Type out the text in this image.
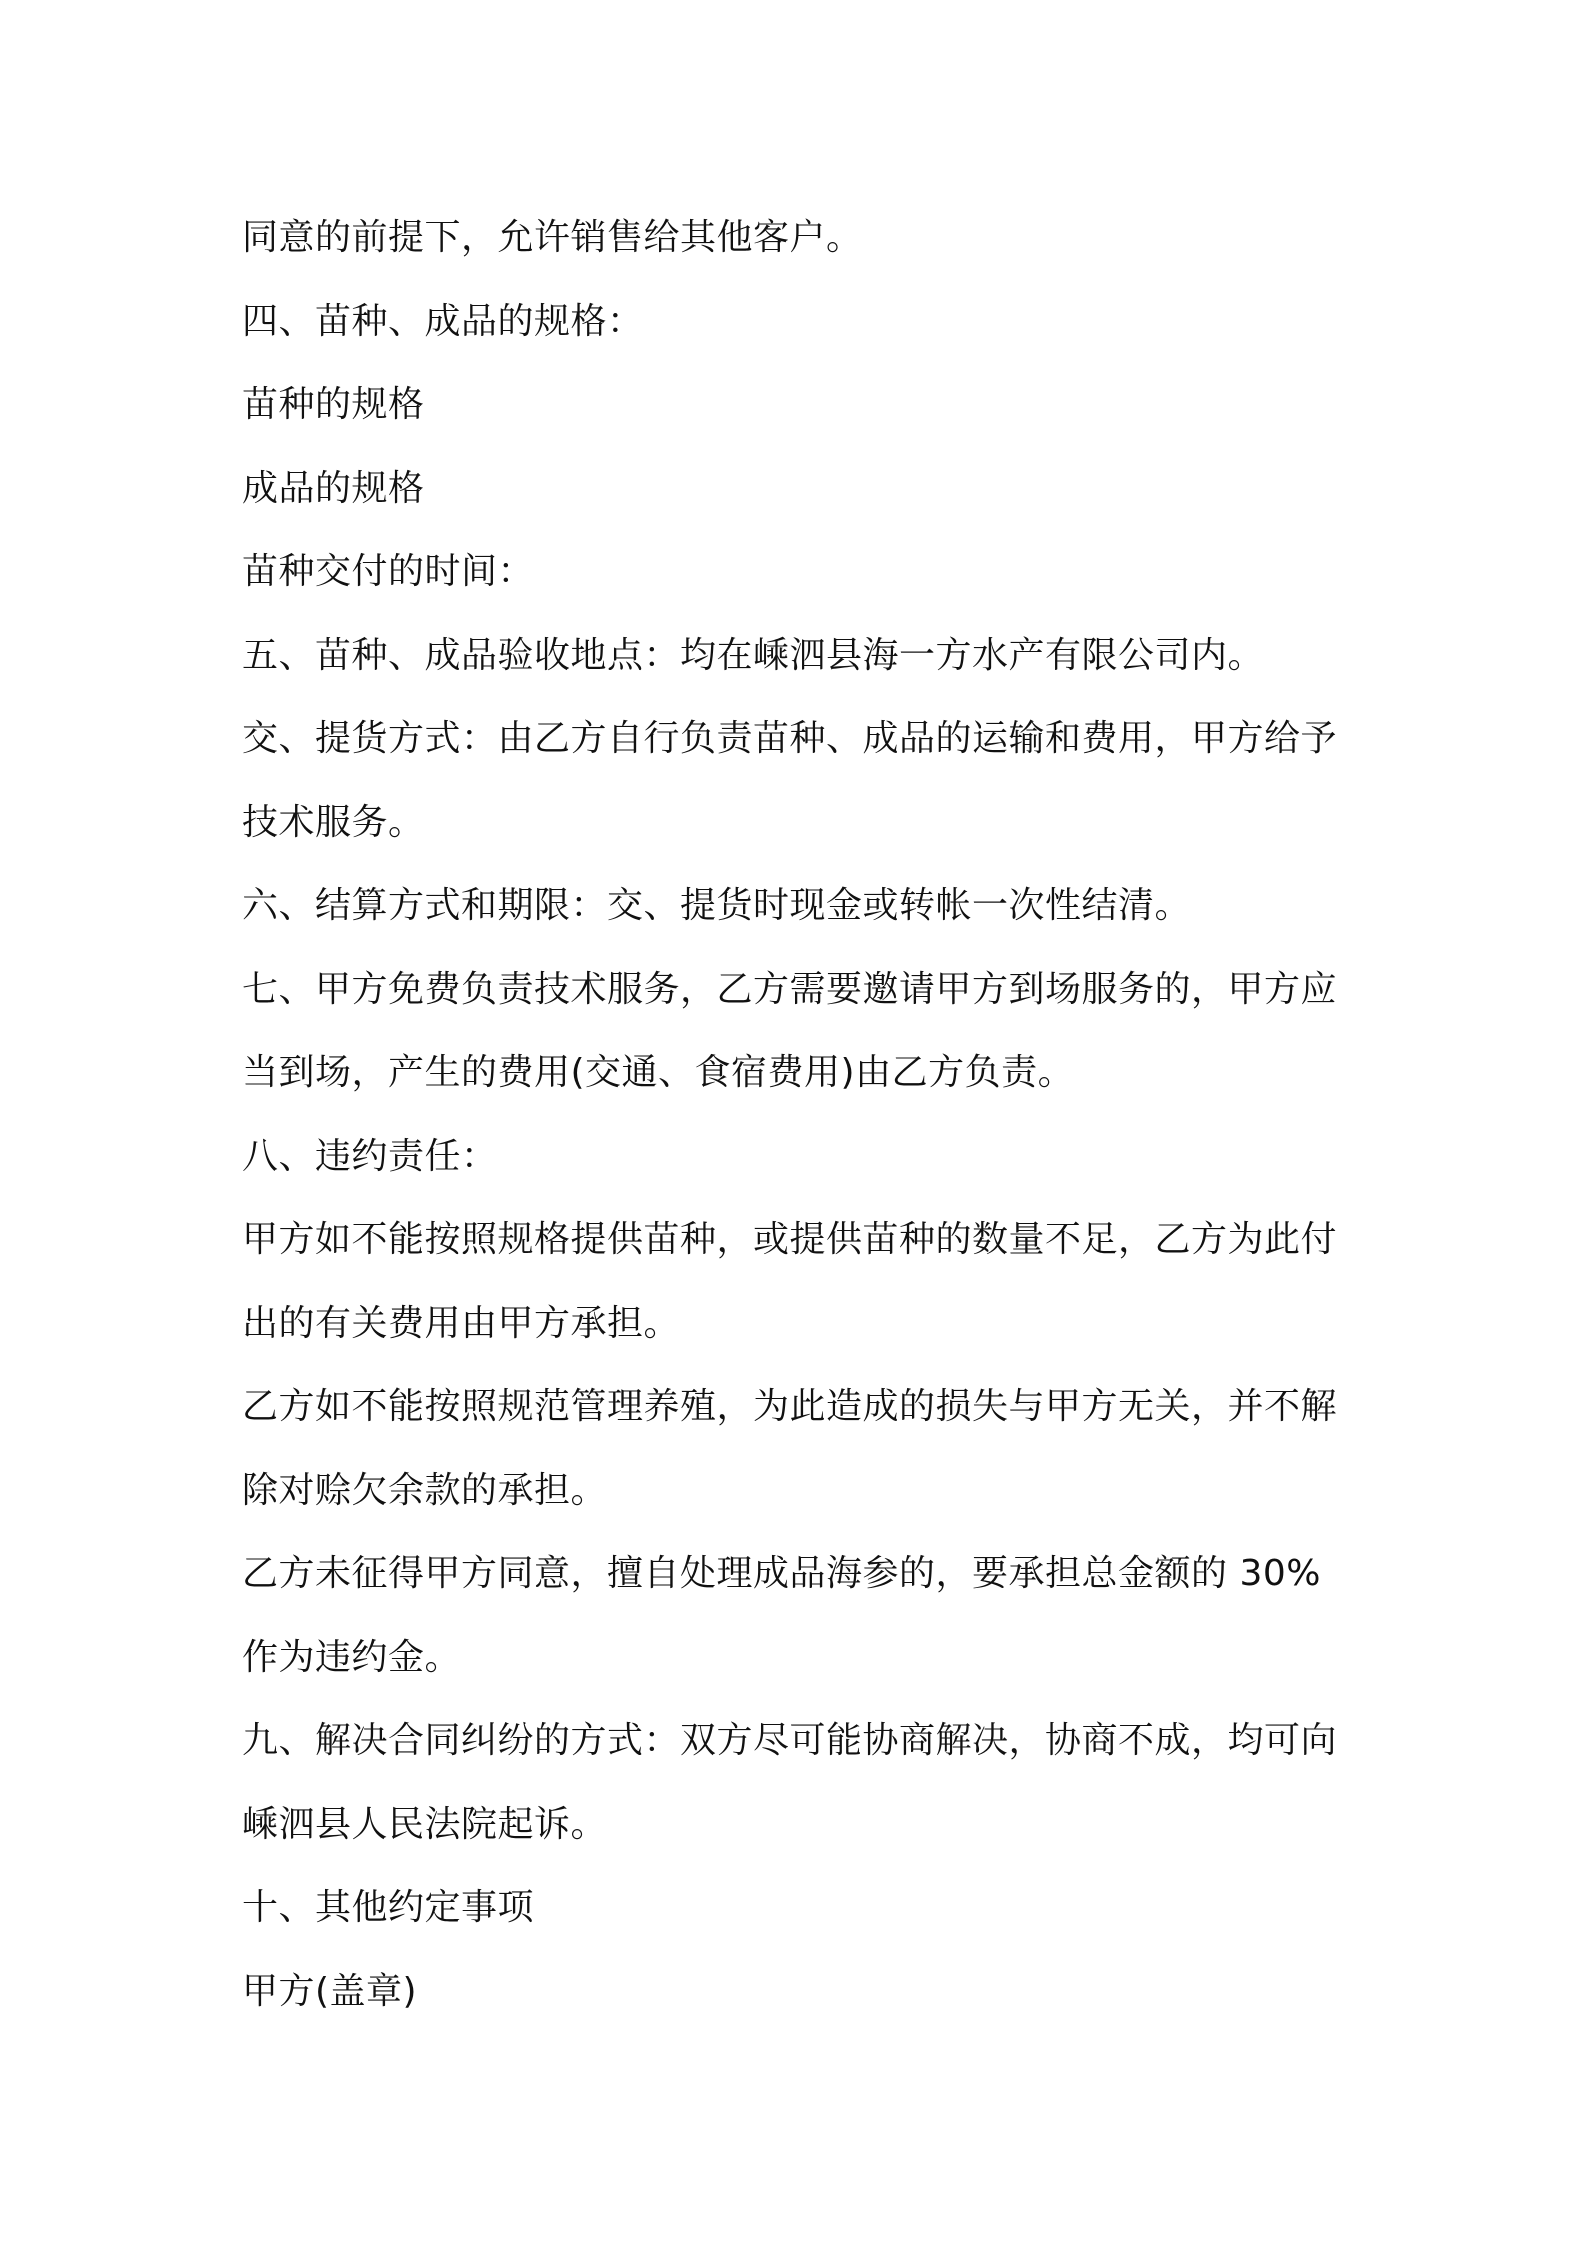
同意的前提下，允许销售给其他客户。
四、苗种、成品的规格：
苗种的规格
成品的规格
苗种交付的时间：
五、苗种、成品验收地点：均在嵊泗县海一方水产有限公司内。
交、提货方式：由乙方自行负责苗种、成品的运输和费用，甲方给予
技术服务。
六、结算方式和期限：交、提货时现金或转帐一次性结清。
七、甲方免费负责技术服务，乙方需要邀请甲方到场服务的，甲方应
当到场，产生的费用(交通、食宿费用)由乙方负责。
八、违约责任：
甲方如不能按照规格提供苗种，或提供苗种的数量不足，乙方为此付
出的有关费用由甲方承担。
乙方如不能按照规范管理养殖，为此造成的损失与甲方无关，并不解
除对赊欠余款的承担。
乙方未征得甲方同意，擅自处理成品海参的，要承担总金额的 30%
作为违约金。
九、解决合同纠纷的方式：双方尽可能协商解决，协商不成，均可向
嵊泗县人民法院起诉。
十、其他约定事项
甲方(盖章)
